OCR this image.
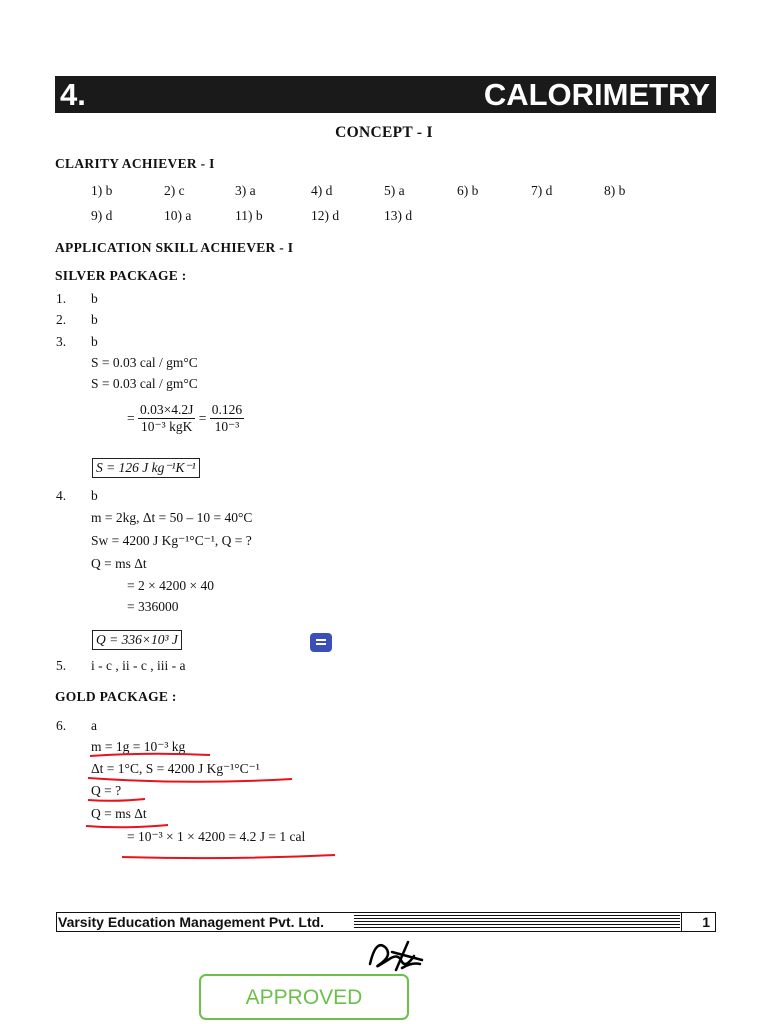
4.	CALORIMETRY
CONCEPT - I
CLARITY ACHIEVER - I
1) b	2) c	3) a	4) d	5) a	6) b	7) d	8) b
9) d	10) a	11) b	12) d	13) d
APPLICATION SKILL ACHIEVER - I
SILVER PACKAGE :
1. b
2. b
3. b
S = 0.03 cal / gm°C
S = 0.03 cal / gm°C
= $\frac{0.03\times 4.2J}{\text{10⁻³ kgK}} = \frac{0.126}{\text{10⁻³}}$
S = 126 J kg⁻¹K⁻¹
4. b
m = 2kg, Δt = 50 – 10 = 40°C
Sw = 4200 J Kg⁻¹°C⁻¹, Q = ?
Q = ms Δt
= 2 × 4200 × 40
= 336000
Q = 336×10³ J
5. i - c , ii - c , iii - a
GOLD PACKAGE :
6. a
m = 1g = 10⁻³ kg
Δt = 1°C, S = 4200 J Kg⁻¹°C⁻¹
Q = ?
Q = ms Δt
= 10⁻³ × 1 × 4200 = 4.2 J = 1 cal
Varsity Education Management Pvt. Ltd.	1
APPROVED
